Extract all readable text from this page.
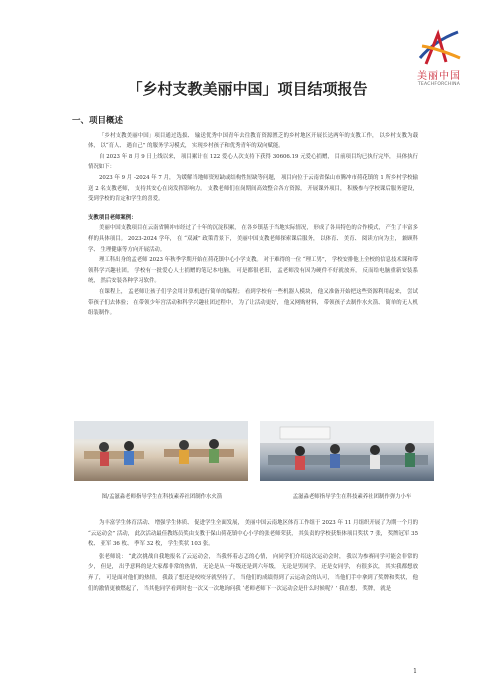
美丽中国
TEACHFORCHINA
「乡村支教美丽中国」项目结项报告
一、项目概述

「乡村支教美丽中国」项目通过选拔、 输送优秀中国青年去往教育资源匮乏的乡村地区开展长达两年的支教工作， 以乡村支教为载体， 以“育人、 遇自己” 的服务学习模式， 实现乡村孩子和优秀青年的双向赋能。

自 2023 年 8 月 9 日上线以来， 项目累计在 122 爱心人次支持下获得 30606.19 元爱心捐赠， 目前项目均已执行完毕， 具体执行情况如下：

2023 年 9 月 -2024 年 7 月， 为缓解当地师资短缺或结构性短缺等问题， 项目向位于云南省保山市腾冲市荷花镇的 1 所乡村学校输送 2 名支教老师， 支持其安心在岗发挥影响力。 支教老师们在岗期间高效整合各方资源， 开展课外项目， 积极参与学校课后服务建设， 受到学校的肯定和学生的喜爱。

支教项目老师案例：

美丽中国支教项目在云南省腾冲市经过了十年的沉淀积累， 在各乡镇基于当地实际情况， 形成了各具特色的合作模式， 产生了丰富多样的具体项目。 2023-2024 学年， 在 “双减” 政策背景下， 美丽中国支教老师探索课后服务， 以体育、 美育、 阅读方向为主， 兼顾科学、 生理健康等方向开展活动。

理工科出身的孟老师 2023 年秋季学期开始在荷花镇中心小学支教。 对于难得的一位 “理工男”， 学校安排他上全校的信息技术课和带领科学兴趣社团。 学校有一批爱心人士捐赠的笔记本电脑， 可是都很老旧， 孟老师没有因为硬件不好就放弃， 反而给电脑重新安装系统， 然后安装各种学习软件。

在课程上， 孟老师让孩子们学会用计算机进行简单的编程； 看到学校有一些机器人模块， 他又准备开始把这些资源利用起来， 尝试带孩子们去体验； 在带领少年宫活动和科学兴趣社团过程中， 为了让活动更好， 他又网购材料， 带领孩子去制作水火箭、 简单的无人机组装制作。

图/孟滋淼老师指导学生在科技素养社团制作水火箭	孟滋淼老师指导学生在科技素养社团制作弹力小车

为丰富学生体育活动、 增强学生体质、 促进学生全面发展， 美丽中国云南地区体育工作组于 2023 年 11 月组织开展了为期一个月的 “云运动会” 活动， 此次活动最佳教练员奖由支教于保山荷花镇中心小学的张老师荣获， 其负责的学校获集体项目奖状 7 张， 奖牌冠军 35 枚、 亚军 36 枚、 季军 32 枚， 学生奖状 103 张。

张老师说： “此次挑战自我地报名了云运动会， 当我怀着忐忑的心情， 向同学们介绍这次运动会时， 我以为参赛同学可能会非常的少， 但是， 出乎意料的是大家都非常的热情， 无论是从一年级还是到六年级， 无论是男同学， 还是女同学， 有很多次， 其实我都想放弃了， 可是面对他们的热情， 我鼓了想还是咬咬牙就坚持了， 当他们的成绩得到了云运动会的认可， 当他们手中拿到了奖牌和奖状， 他们的激情更被燃起了， 当其他同学看到时也一次又一次地询问我 ‘老师老师下一次运动会是什么时候呢？’ 我在想， 奖牌， 就是

1
